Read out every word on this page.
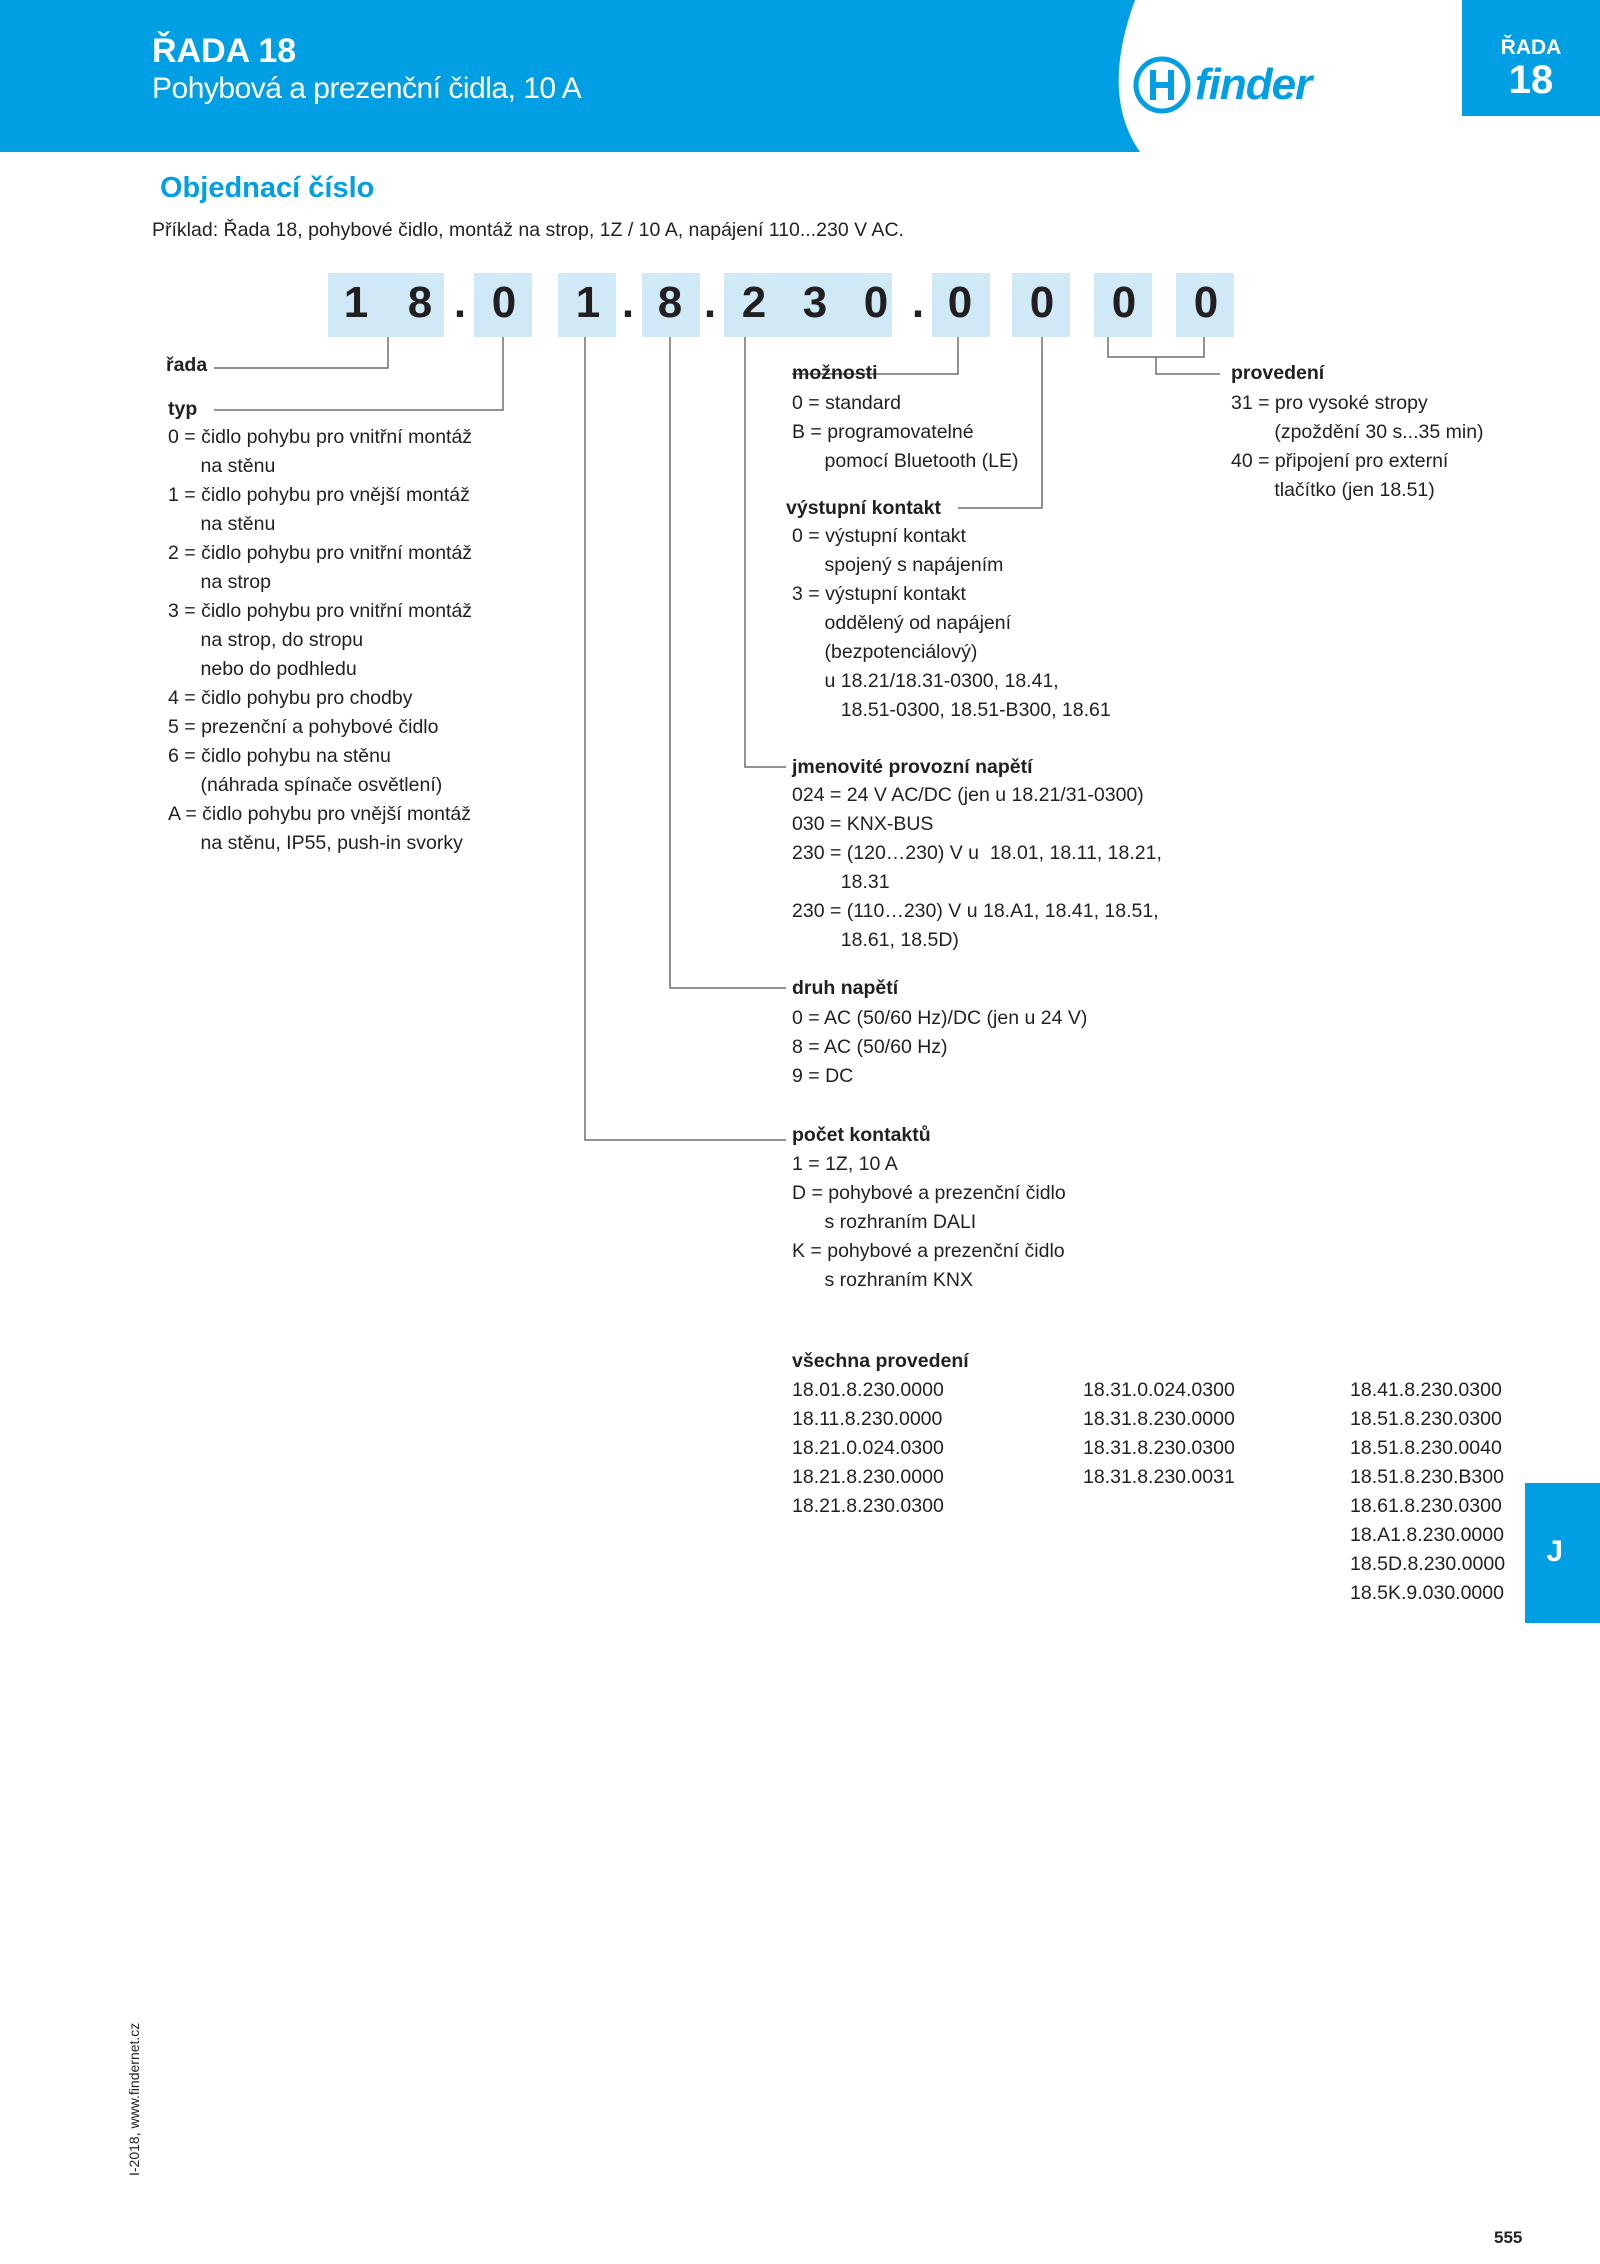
ŘADA 18
Pohybová a prezenční čidla, 10 A	finder
ŘADA
18
Objednací číslo
Příklad: Řada 18, pohybové čidlo, montáž na strop, 1Z / 10 A, napájení 110...230 V AC.
1 8 . 0	1 . 8 . 2 3 0 . 0	0	0	0
řada
typ
0 = čidlo pohybu pro vnitřní montáž
na stěnu
1 = čidlo pohybu pro vnější montáž
na stěnu
2 = čidlo pohybu pro vnitřní montáž
na strop
3 = čidlo pohybu pro vnitřní montáž
na strop, do stropu
nebo do podhledu
4 = čidlo pohybu pro chodby
5 = prezenční a pohybové čidlo
6 = čidlo pohybu na stěnu
(náhrada spínače osvětlení)
A = čidlo pohybu pro vnější montáž
na stěnu, IP55, push-in svorky
možnosti
0 = standard
B = programovatelné
pomocí Bluetooth (LE)
výstupní kontakt
0 = výstupní kontakt
spojený s napájením
3 = výstupní kontakt
oddělený od napájení
(bezpotenciálový)
u 18.21/18.31-0300, 18.41,
18.51-0300, 18.51-B300, 18.61
jmenovité provozní napětí
024 = 24 V AC/DC (jen u 18.21/31-0300)
030 = KNX-BUS
230 = (120…230) V u  18.01, 18.11, 18.21,
18.31
230 = (110…230) V u 18.A1, 18.41, 18.51,
18.61, 18.5D)
druh napětí
0 = AC (50/60 Hz)/DC (jen u 24 V)
8 = AC (50/60 Hz)
9 = DC
počet kontaktů
1 = 1Z, 10 A
D = pohybové a prezenční čidlo
s rozhraním DALI
K = pohybové a prezenční čidlo
s rozhraním KNX
provedení
31 = pro vysoké stropy
(zpoždění 30 s...35 min)
40 = připojení pro externí
tlačítko (jen 18.51)
všechna provedení
18.01.8.230.0000
18.11.8.230.0000
18.21.0.024.0300
18.21.8.230.0000
18.21.8.230.0300
18.31.0.024.0300
18.31.8.230.0000
18.31.8.230.0300
18.31.8.230.0031
18.41.8.230.0300
18.51.8.230.0300
18.51.8.230.0040
18.51.8.230.B300
18.61.8.230.0300
18.A1.8.230.0000
18.5D.8.230.0000
18.5K.9.030.0000
J
I-2018, www.findernet.cz
555
